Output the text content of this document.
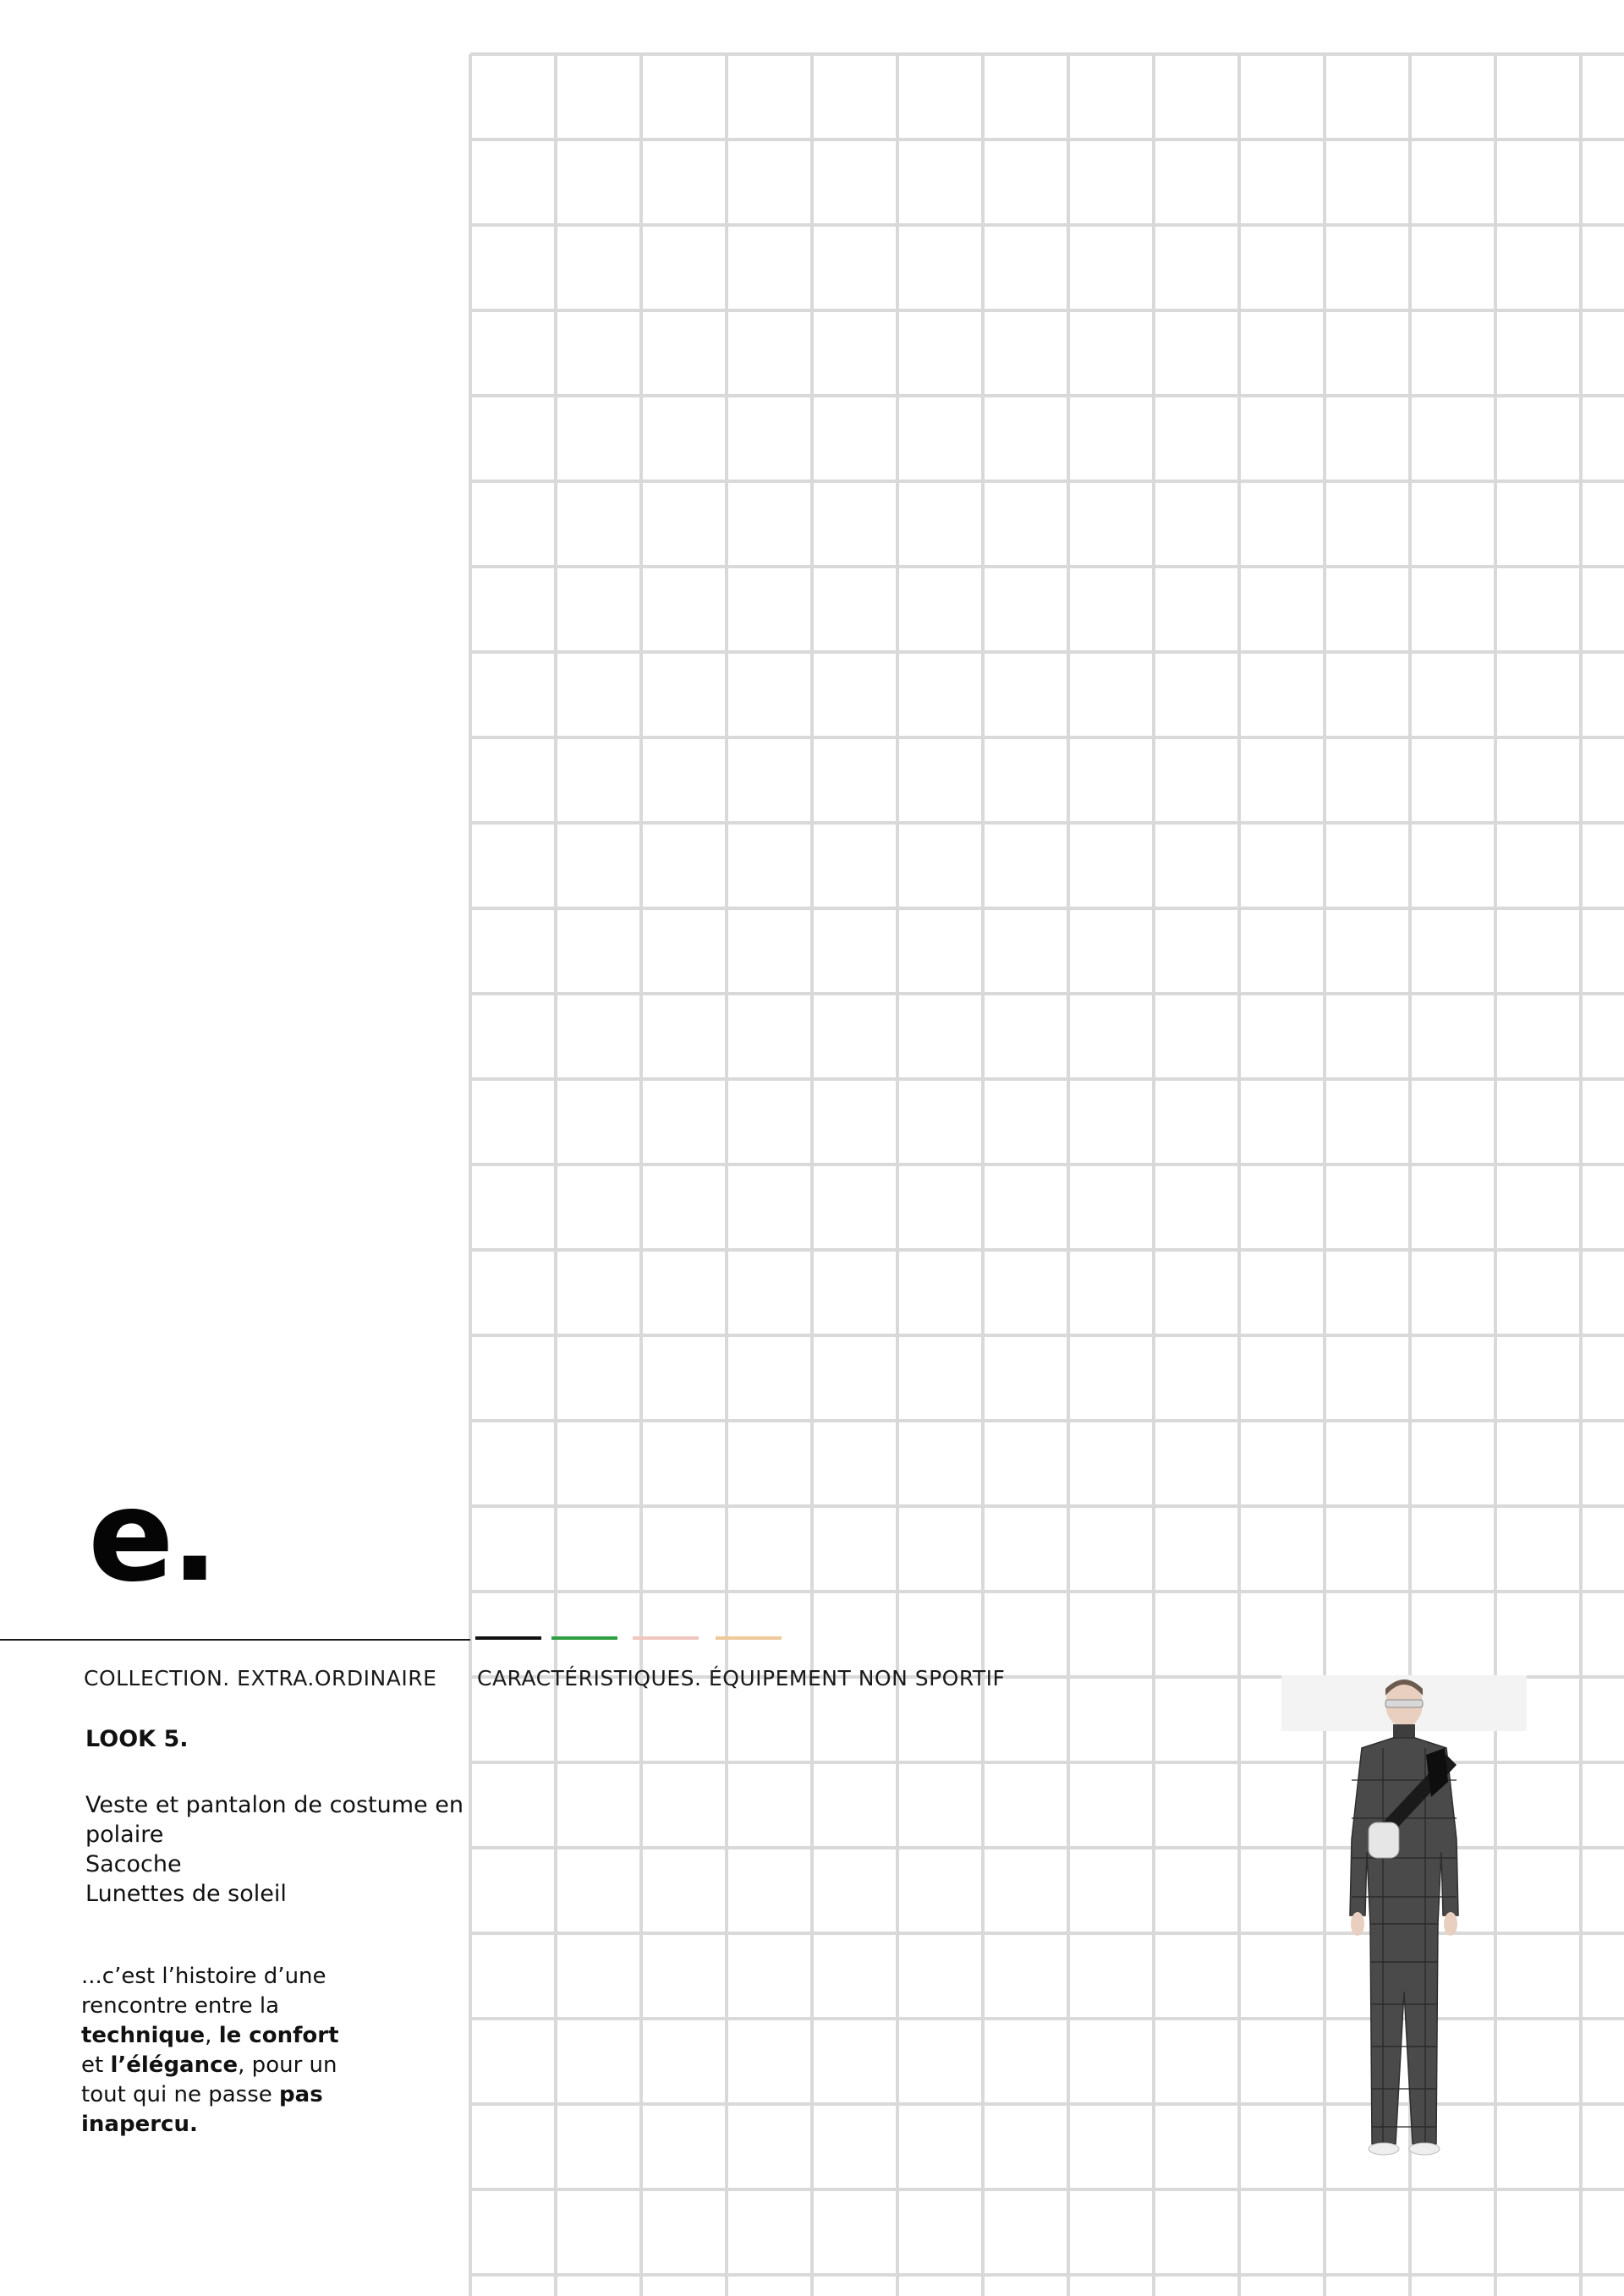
e.
COLLECTION. EXTRA.ORDINAIRE CARACTÉRISTIQUES. ÉQUIPEMENT NON SPORTIF
LOOK 5.
Veste et pantalon de costume en
polaire
Sacoche
Lunettes de soleil
...c’est l’histoire d’une
rencontre entre la
technique, le confort
et l’élégance, pour un
tout qui ne passe pas
inapercu.
